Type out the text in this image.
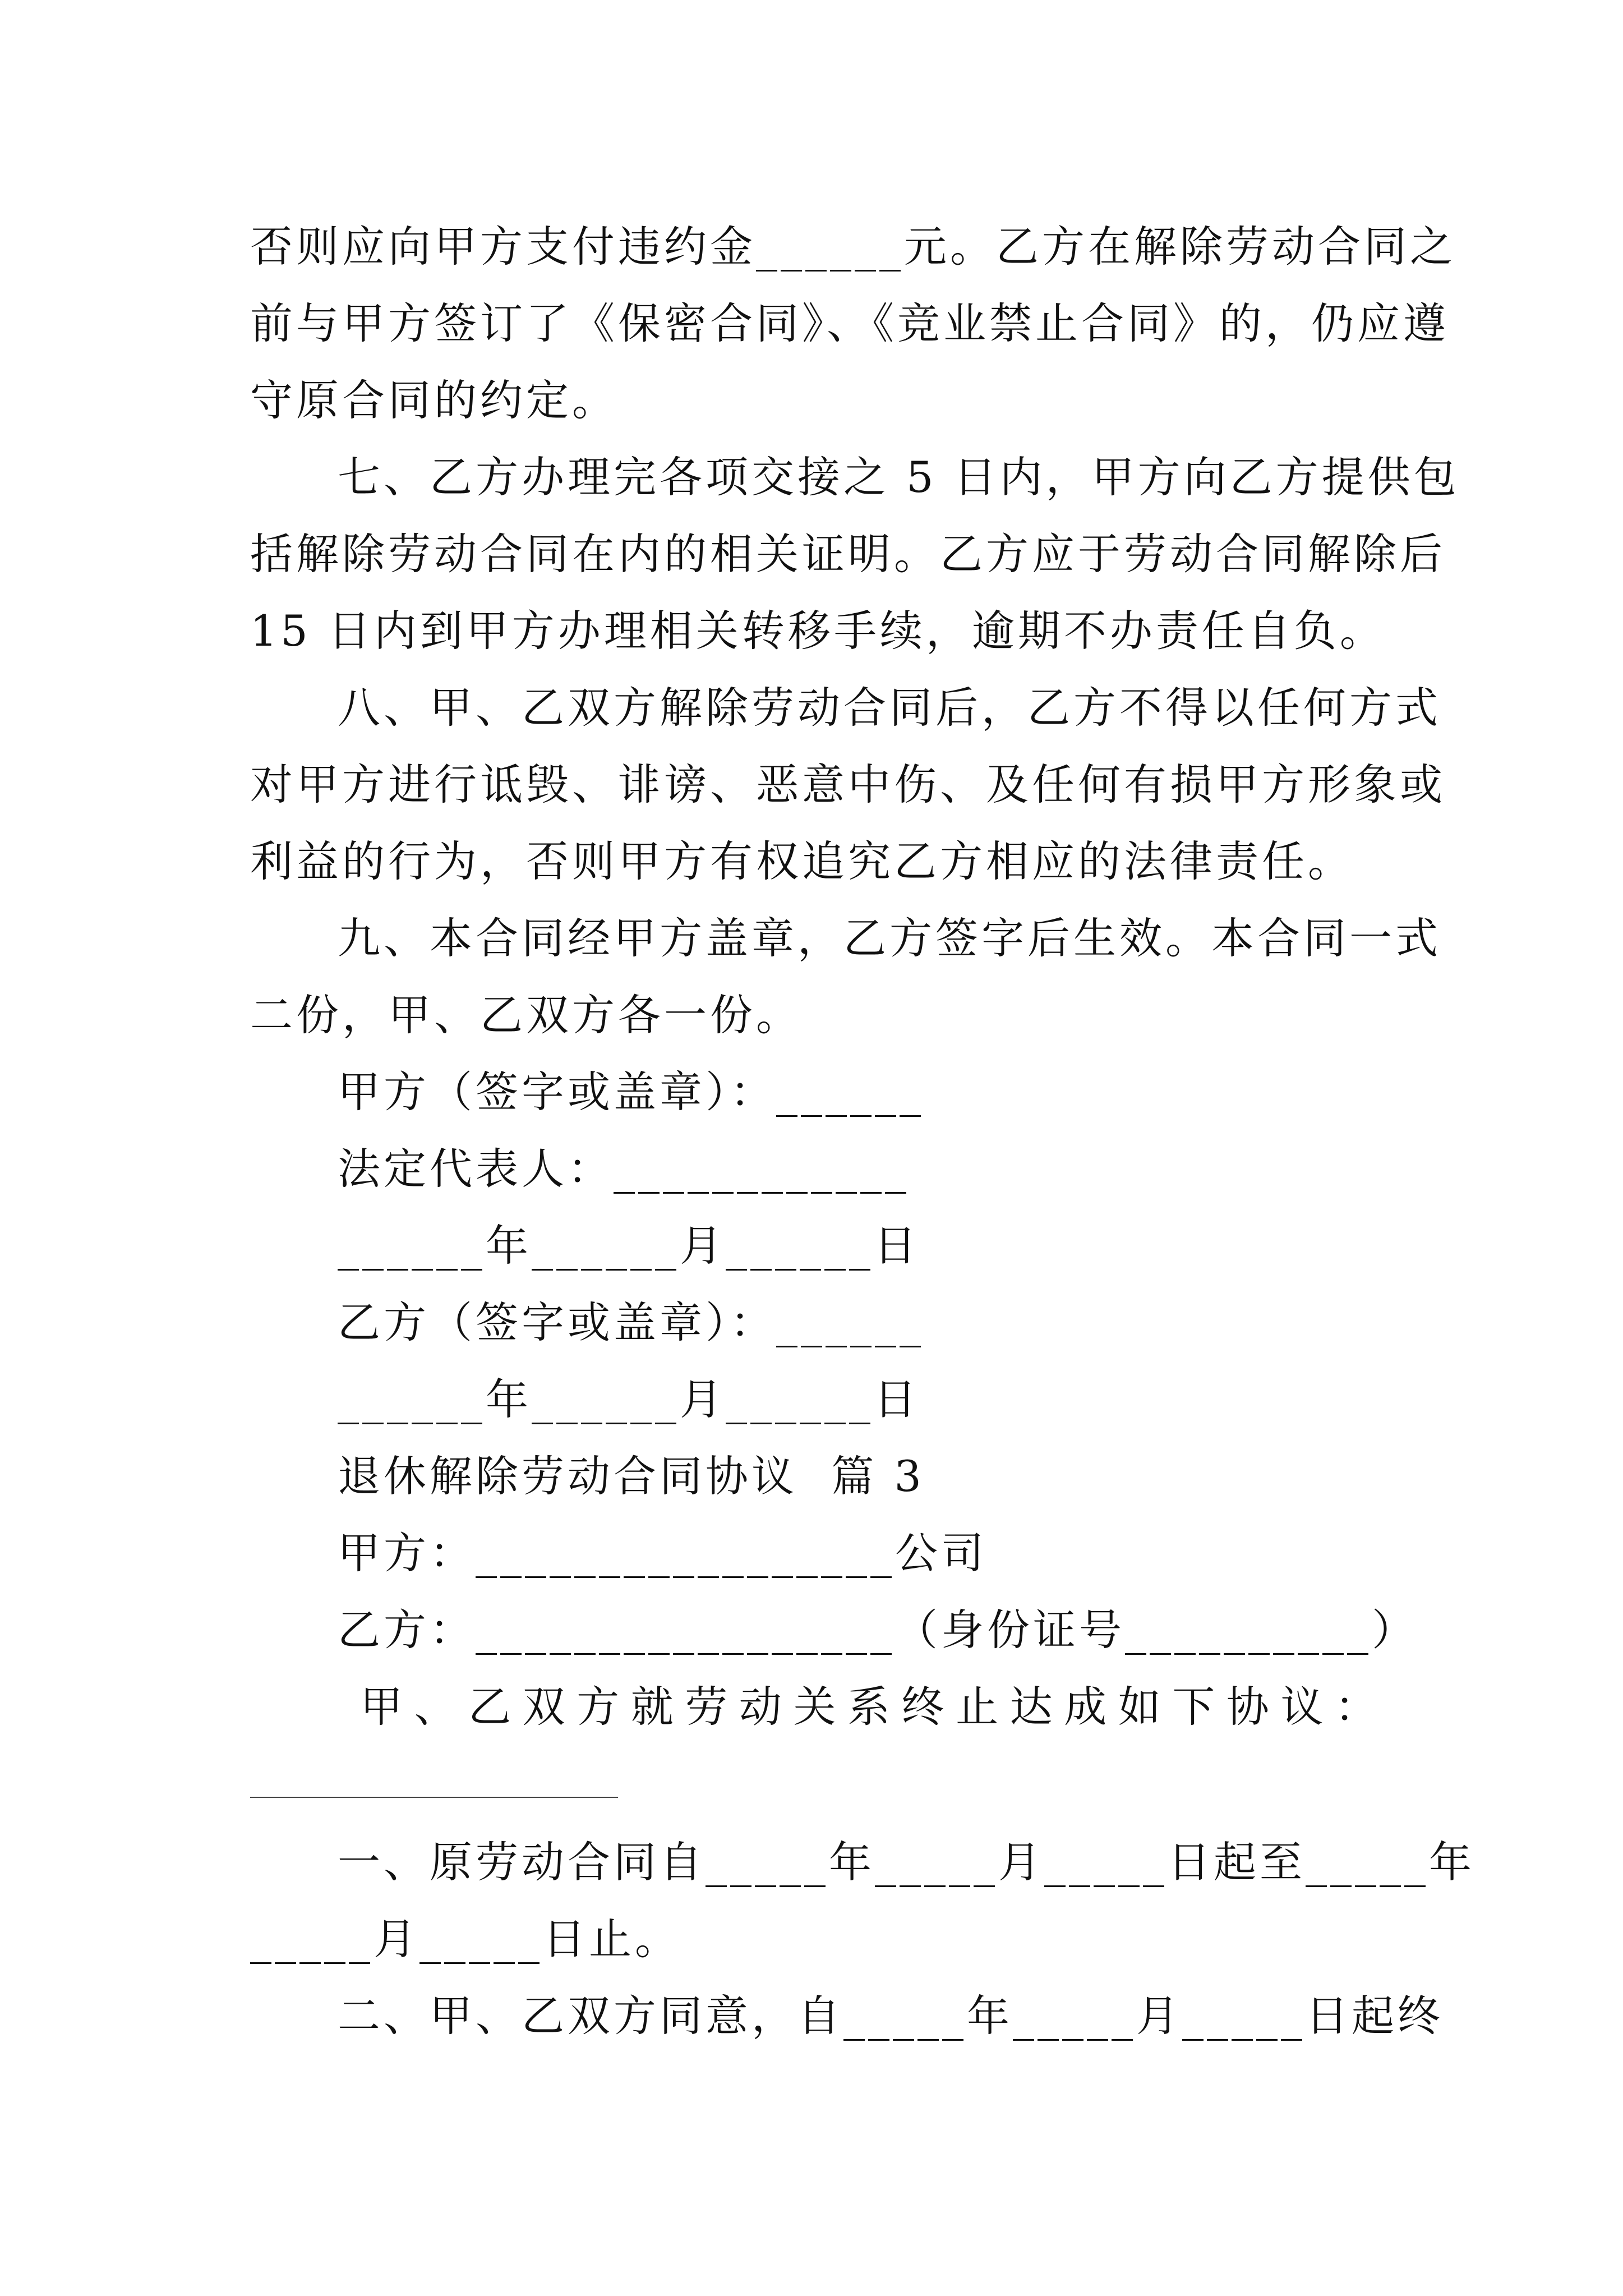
否则应向甲方支付违约金______元。乙方在解除劳动合同之
前与甲方签订了《保密合同》、《竞业禁止合同》的，仍应遵
守原合同的约定。
七、乙方办理完各项交接之 5 日内，甲方向乙方提供包
括解除劳动合同在内的相关证明。乙方应于劳动合同解除后
15 日内到甲方办理相关转移手续，逾期不办责任自负。
八、甲、乙双方解除劳动合同后，乙方不得以任何方式
对甲方进行诋毁、诽谤、恶意中伤、及任何有损甲方形象或
利益的行为，否则甲方有权追究乙方相应的法律责任。
九、本合同经甲方盖章，乙方签字后生效。本合同一式
二份，甲、乙双方各一份。
甲方（签字或盖章）：______
法定代表人：____________
______年______月______日
乙方（签字或盖章）：______
______年______月______日
退休解除劳动合同协议  篇 3
甲方：_________________公司
乙方：_________________（身份证号__________）
甲、乙双方就劳动关系终止达成如下协议：
一、原劳动合同自_____年_____月_____日起至_____年
_____月_____日止。
二、甲、乙双方同意，自_____年_____月_____日起终
